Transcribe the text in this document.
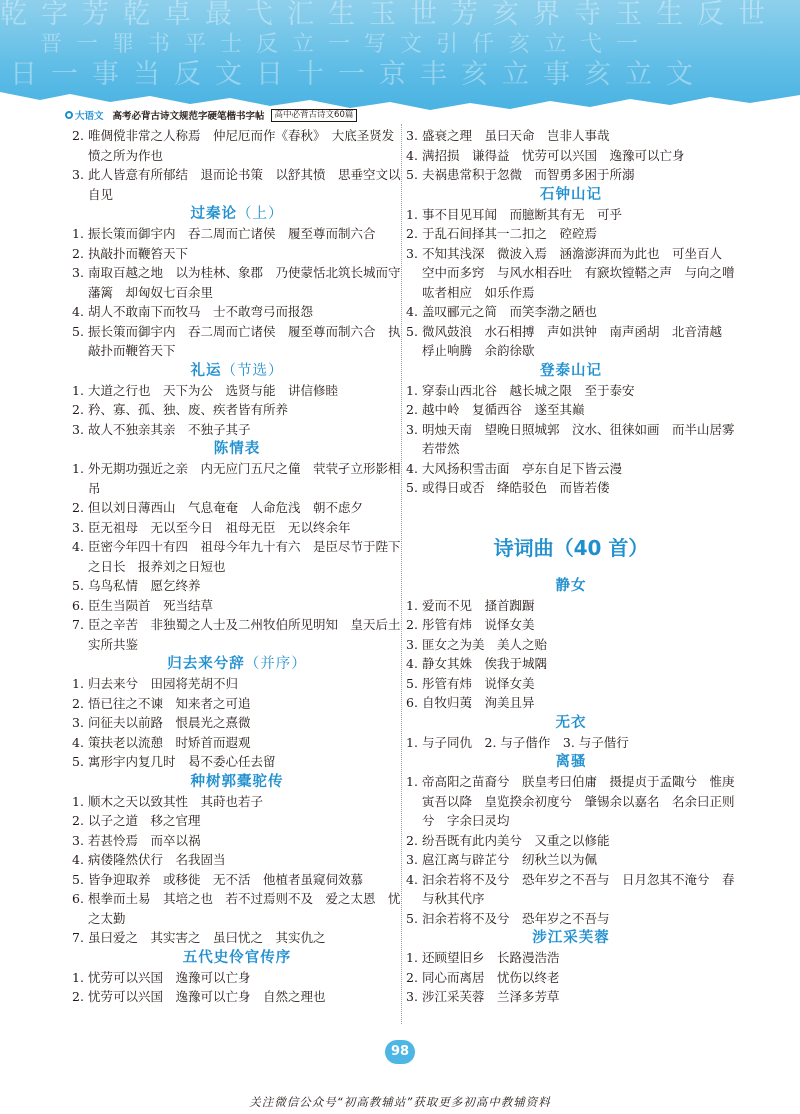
乾字芳乾卓最弋汇生玉世芳亥界寺玉生反世
晋一罪书平士反立一写文引仟亥立弋一
日一事当反文日十一京丰亥立事亥立文
大语文 高考必背古诗文规范字硬笔楷书字帖	高中必背古诗文60篇
2. 唯倜傥非常之人称焉　仲尼厄而作《春秋》　大底圣贤发愤之所为作也
3. 此人皆意有所郁结　退而论书策　以舒其愤　思垂空文以自见
过秦论（上）
1. 振长策而御宇内　吞二周而亡诸侯　履至尊而制六合
2. 执敲扑而鞭笞天下
3. 南取百越之地　以为桂林、象郡　乃使蒙恬北筑长城而守藩篱　却匈奴七百余里
4. 胡人不敢南下而牧马　士不敢弯弓而报怨
5. 振长策而御宇内　吞二周而亡诸侯　履至尊而制六合　执敲扑而鞭笞天下
礼运（节选）
1. 大道之行也　天下为公　选贤与能　讲信修睦
2. 矜、寡、孤、独、废、疾者皆有所养
3. 故人不独亲其亲　不独子其子
陈情表
1. 外无期功强近之亲　内无应门五尺之僮　茕茕孑立形影相吊
2. 但以刘日薄西山　气息奄奄　人命危浅　朝不虑夕
3. 臣无祖母　无以至今日　祖母无臣　无以终余年
4. 臣密今年四十有四　祖母今年九十有六　是臣尽节于陛下之日长　报养刘之日短也
5. 乌鸟私情　愿乞终养
6. 臣生当陨首　死当结草
7. 臣之辛苦　非独蜀之人士及二州牧伯所见明知　皇天后土实所共鉴
归去来兮辞（并序）
1. 归去来兮　田园将芜胡不归
2. 悟已往之不谏　知来者之可追
3. 问征夫以前路　恨晨光之熹微
4. 策扶老以流憩　时矫首而遐观
5. 寓形宇内复几时　曷不委心任去留
种树郭橐驼传
1. 顺木之天以致其性　其莳也若子
2. 以子之道　移之官理
3. 若甚怜焉　而卒以祸
4. 病偻隆然伏行　名我固当
5. 皆争迎取养　或移徙　无不活　他植者虽窥伺效慕
6. 根拳而土易　其培之也　若不过焉则不及　爱之太恩　忧之太勤
7. 虽曰爱之　其实害之　虽曰忧之　其实仇之
五代史伶官传序
1. 忧劳可以兴国　逸豫可以亡身
2. 忧劳可以兴国　逸豫可以亡身　自然之理也
3. 盛衰之理　虽曰天命　岂非人事哉
4. 满招损　谦得益　忧劳可以兴国　逸豫可以亡身
5. 夫祸患常积于忽微　而智勇多困于所溺
石钟山记
1. 事不目见耳闻　而臆断其有无　可乎
2. 于乱石间择其一二扣之　硿硿焉
3. 不知其浅深　微波入焉　涵澹澎湃而为此也　可坐百人　空中而多窍　与风水相吞吐　有窾坎镗鞳之声　与向之噌吰者相应　如乐作焉
4. 盖叹郦元之简　而笑李渤之陋也
5. 微风鼓浪　水石相搏　声如洪钟　南声函胡　北音清越　桴止响腾　余韵徐歇
登泰山记
1. 穿泰山西北谷　越长城之限　至于泰安
2. 越中岭　复循西谷　遂至其巅
3. 明烛天南　望晚日照城郭　汶水、徂徕如画　而半山居雾若带然
4. 大风扬积雪击面　亭东自足下皆云漫
5. 或得日或否　绛皓驳色　而皆若偻
诗词曲（40 首）
静女
1. 爱而不见　搔首踟蹰
2. 彤管有炜　说怿女美
3. 匪女之为美　美人之贻
4. 静女其姝　俟我于城隅
5. 彤管有炜　说怿女美
6. 自牧归荑　洵美且异
无衣
1. 与子同仇　2. 与子偕作　3. 与子偕行
离骚
1. 帝高阳之苗裔兮　朕皇考曰伯庸　摄提贞于孟陬兮　惟庚寅吾以降　皇览揆余初度兮　肇锡余以嘉名　名余曰正则兮　字余曰灵均
2. 纷吾既有此内美兮　又重之以修能
3. 扈江离与辟芷兮　纫秋兰以为佩
4. 汩余若将不及兮　恐年岁之不吾与　日月忽其不淹兮　春与秋其代序
5. 汩余若将不及兮　恐年岁之不吾与
涉江采芙蓉
1. 还顾望旧乡　长路漫浩浩
2. 同心而离居　忧伤以终老
3. 涉江采芙蓉　兰泽多芳草
98
关注微信公众号“初高教辅站”获取更多初高中教辅资料
